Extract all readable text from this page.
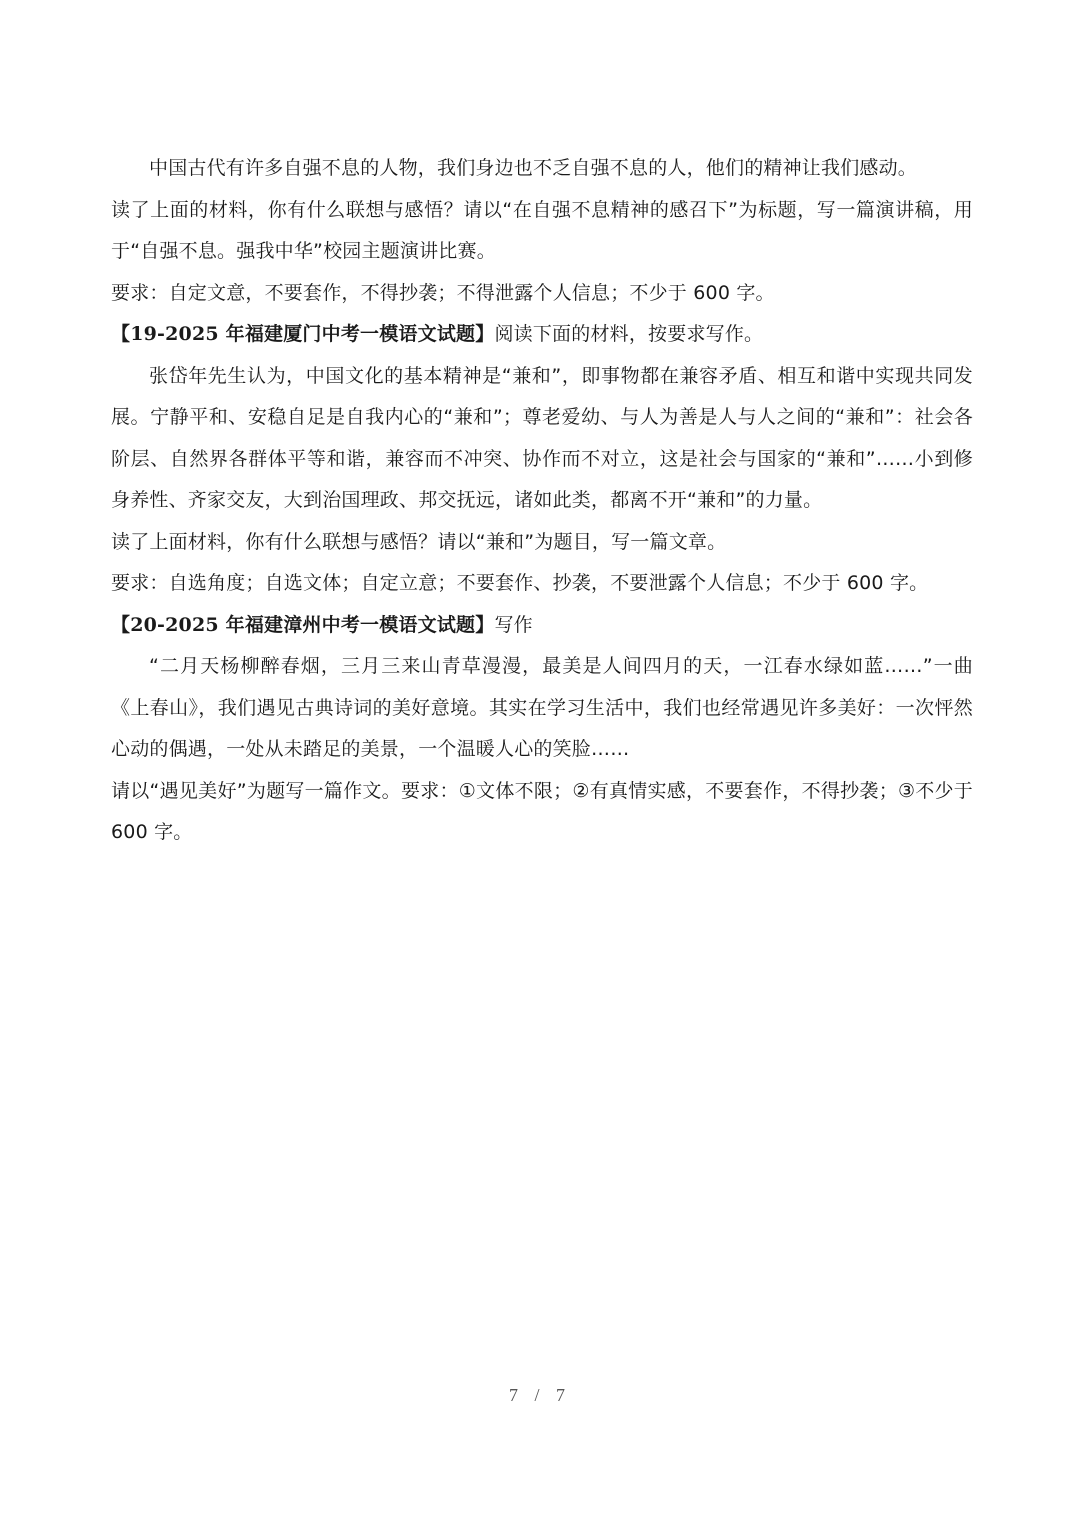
中国古代有许多自强不息的人物，我们身边也不乏自强不息的人，他们的精神让我们感动。

读了上面的材料，你有什么联想与感悟？请以“在自强不息精神的感召下”为标题，写一篇演讲稿，用于“自强不息。强我中华”校园主题演讲比赛。

要求：自定文意，不要套作，不得抄袭；不得泄露个人信息；不少于 600 字。

【19-2025 年福建厦门中考一模语文试题】阅读下面的材料，按要求写作。

张岱年先生认为，中国文化的基本精神是“兼和”，即事物都在兼容矛盾、相互和谐中实现共同发展。宁静平和、安稳自足是自我内心的“兼和”；尊老爱幼、与人为善是人与人之间的“兼和”：社会各阶层、自然界各群体平等和谐，兼容而不冲突、协作而不对立，这是社会与国家的“兼和”……小到修身养性、齐家交友，大到治国理政、邦交抚远，诸如此类，都离不开“兼和”的力量。

读了上面材料，你有什么联想与感悟？请以“兼和”为题目，写一篇文章。

要求：自选角度；自选文体；自定立意；不要套作、抄袭，不要泄露个人信息；不少于 600 字。

【20-2025 年福建漳州中考一模语文试题】写作

“二月天杨柳醉春烟，三月三来山青草漫漫，最美是人间四月的天，一江春水绿如蓝……”一曲《上春山》，我们遇见古典诗词的美好意境。其实在学习生活中，我们也经常遇见许多美好：一次怦然心动的偶遇，一处从未踏足的美景，一个温暖人心的笑脸……

请以“遇见美好”为题写一篇作文。要求：①文体不限；②有真情实感，不要套作，不得抄袭；③不少于 600 字。

7 / 7
